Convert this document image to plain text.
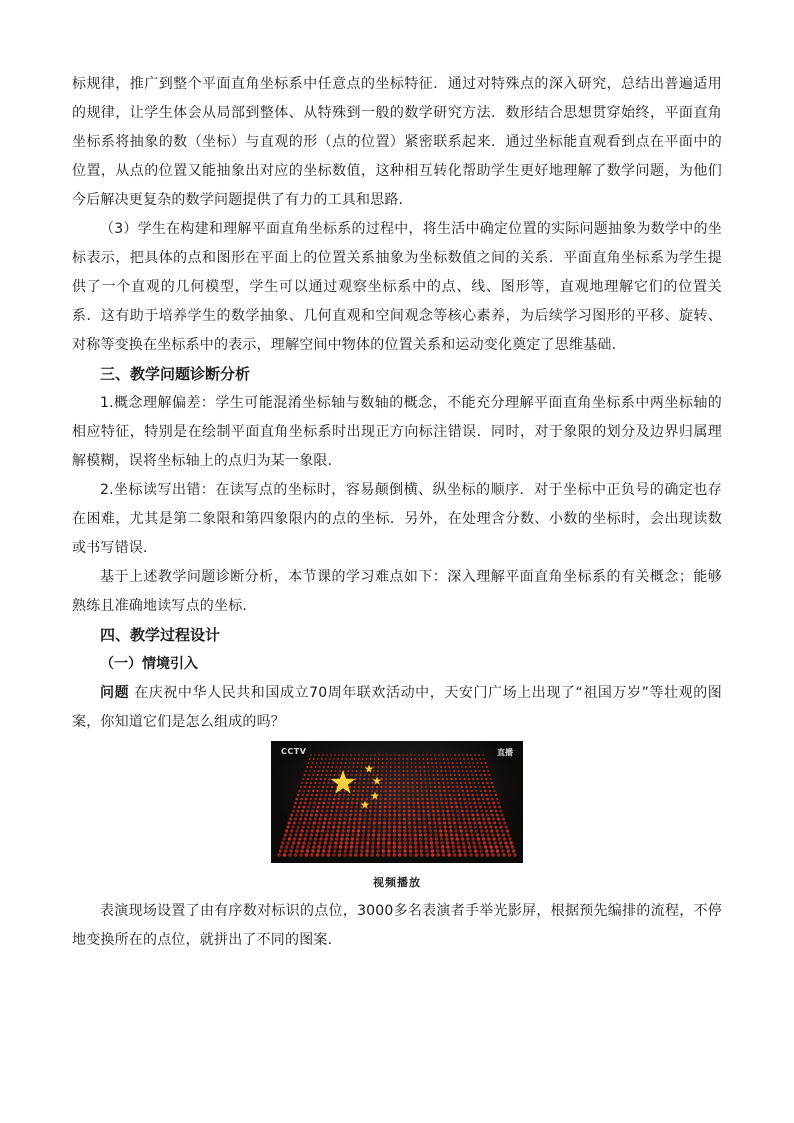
标规律，推广到整个平面直角坐标系中任意点的坐标特征．通过对特殊点的深入研究，总结出普遍适用的规律，让学生体会从局部到整体、从特殊到一般的数学研究方法．数形结合思想贯穿始终，平面直角坐标系将抽象的数（坐标）与直观的形（点的位置）紧密联系起来．通过坐标能直观看到点在平面中的位置，从点的位置又能抽象出对应的坐标数值，这种相互转化帮助学生更好地理解了数学问题，为他们今后解决更复杂的数学问题提供了有力的工具和思路．

（3）学生在构建和理解平面直角坐标系的过程中，将生活中确定位置的实际问题抽象为数学中的坐标表示，把具体的点和图形在平面上的位置关系抽象为坐标数值之间的关系．平面直角坐标系为学生提供了一个直观的几何模型，学生可以通过观察坐标系中的点、线、图形等，直观地理解它们的位置关系．这有助于培养学生的数学抽象、几何直观和空间观念等核心素养，为后续学习图形的平移、旋转、对称等变换在坐标系中的表示，理解空间中物体的位置关系和运动变化奠定了思维基础．

三、教学问题诊断分析

1.概念理解偏差：学生可能混淆坐标轴与数轴的概念，不能充分理解平面直角坐标系中两坐标轴的相应特征，特别是在绘制平面直角坐标系时出现正方向标注错误．同时，对于象限的划分及边界归属理解模糊，误将坐标轴上的点归为某一象限．

2.坐标读写出错：在读写点的坐标时，容易颠倒横、纵坐标的顺序．对于坐标中正负号的确定也存在困难，尤其是第二象限和第四象限内的点的坐标．另外，在处理含分数、小数的坐标时，会出现读数或书写错误．

基于上述教学问题诊断分析，本节课的学习难点如下：深入理解平面直角坐标系的有关概念；能够熟练且准确地读写点的坐标．

四、教学过程设计

（一）情境引入

问题 在庆祝中华人民共和国成立70周年联欢活动中，天安门广场上出现了“祖国万岁”等壮观的图案，你知道它们是怎么组成的吗？

CCTV	直播
视频播放

表演现场设置了由有序数对标识的点位，3000多名表演者手举光影屏，根据预先编排的流程，不停地变换所在的点位，就拼出了不同的图案．
